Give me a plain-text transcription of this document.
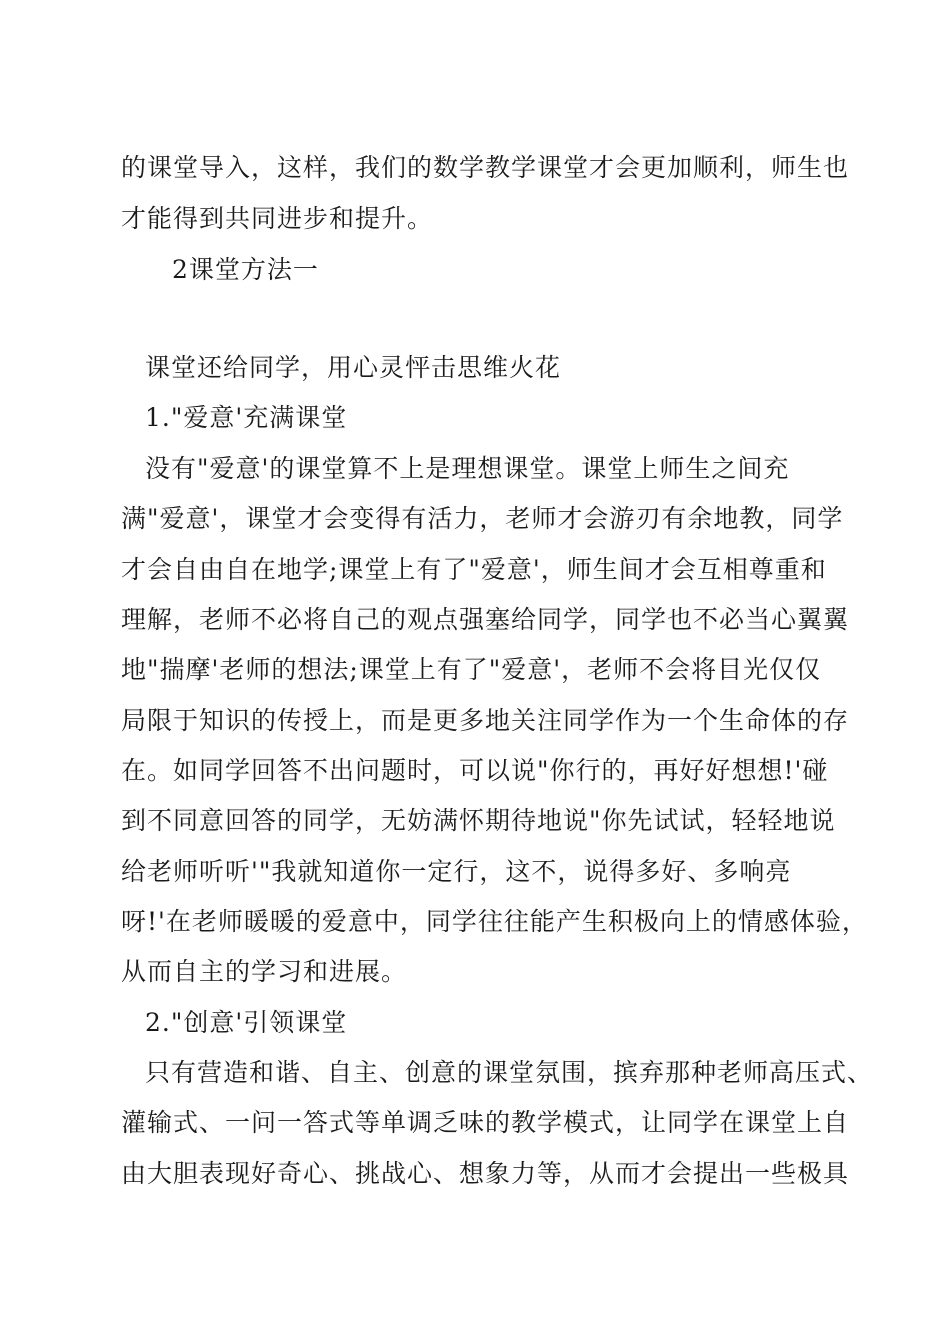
的课堂导入，这样，我们的数学教学课堂才会更加顺利，师生也
才能得到共同进步和提升。
2课堂方法一
课堂还给同学，用心灵怦击思维火花
1."爱意'充满课堂
没有"爱意'的课堂算不上是理想课堂。课堂上师生之间充
满"爱意'，课堂才会变得有活力，老师才会游刃有余地教，同学
才会自由自在地学;课堂上有了"爱意'，师生间才会互相尊重和
理解，老师不必将自己的观点强塞给同学，同学也不必当心翼翼
地"揣摩'老师的想法;课堂上有了"爱意'，老师不会将目光仅仅
局限于知识的传授上，而是更多地关注同学作为一个生命体的存
在。如同学回答不出问题时，可以说"你行的，再好好想想!'碰
到不同意回答的同学，无妨满怀期待地说"你先试试，轻轻地说
给老师听听'"我就知道你一定行，这不，说得多好、多响亮
呀!'在老师暖暖的爱意中，同学往往能产生积极向上的情感体验，
从而自主的学习和进展。
2."创意'引领课堂
只有营造和谐、自主、创意的课堂氛围，摈弃那种老师高压式、
灌输式、一问一答式等单调乏味的教学模式，让同学在课堂上自
由大胆表现好奇心、挑战心、想象力等，从而才会提出一些极具
